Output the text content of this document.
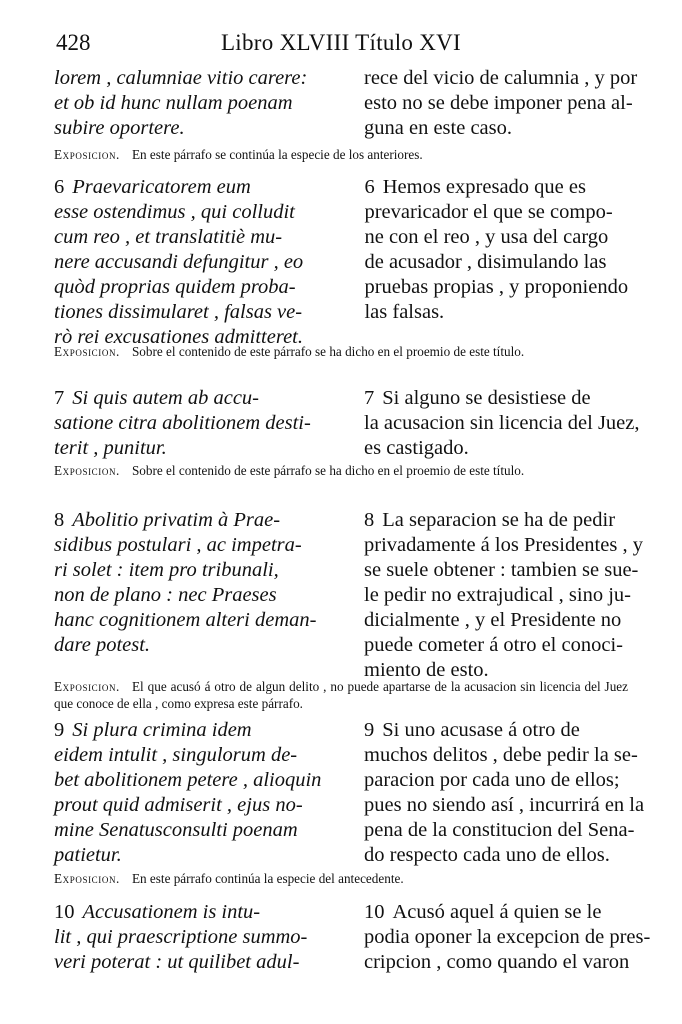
428	Libro XLVIII Título XVI
lorem , calumniae vitio carere:
et ob id hunc nullam poenam
subire oportere.
rece del vicio de calumnia , y por
esto no se debe imponer pena al-
guna en este caso.
Exposicion. En este párrafo se continúa la especie de los anteriores.
6 Praevaricatorem eum
esse ostendimus , qui colludit
cum reo , et translatitiè mu-
nere accusandi defungitur , eo
quòd proprias quidem proba-
tiones dissimularet , falsas ve-
rò rei excusationes admitteret.
6 Hemos expresado que es
prevaricador el que se compo-
ne con el reo , y usa del cargo
de acusador , disimulando las
pruebas propias , y proponiendo
las falsas.
Exposicion. Sobre el contenido de este párrafo se ha dicho en el proemio de este título.
7 Si quis autem ab accu-
satione citra abolitionem desti-
terit , punitur.
7 Si alguno se desistiese de
la acusacion sin licencia del Juez,
es castigado.
Exposicion. Sobre el contenido de este párrafo se ha dicho en el proemio de este título.
8 Abolitio privatim à Prae-
sidibus postulari , ac impetra-
ri solet : item pro tribunali,
non de plano : nec Praeses
hanc cognitionem alteri deman-
dare potest.
8 La separacion se ha de pedir
privadamente á los Presidentes , y
se suele obtener : tambien se sue-
le pedir no extrajudical , sino ju-
dicialmente , y el Presidente no
puede cometer á otro el conoci-
miento de esto.
Exposicion. El que acusó á otro de algun delito , no puede apartarse de la acusacion sin licencia del Juez que conoce de ella , como expresa este párrafo.
9 Si plura crimina idem
eidem intulit , singulorum de-
bet abolitionem petere , alioquin
prout quid admiserit , ejus no-
mine Senatusconsulti poenam
patietur.
9 Si uno acusase á otro de
muchos delitos , debe pedir la se-
paracion por cada uno de ellos;
pues no siendo así , incurrirá en la
pena de la constitucion del Sena-
do respecto cada uno de ellos.
Exposicion. En este párrafo continúa la especie del antecedente.
10 Accusationem is intu-
lit , qui praescriptione summo-
veri poterat : ut quilibet adul-
10 Acusó aquel á quien se le
podia oponer la excepcion de pres-
cripcion , como quando el varon
